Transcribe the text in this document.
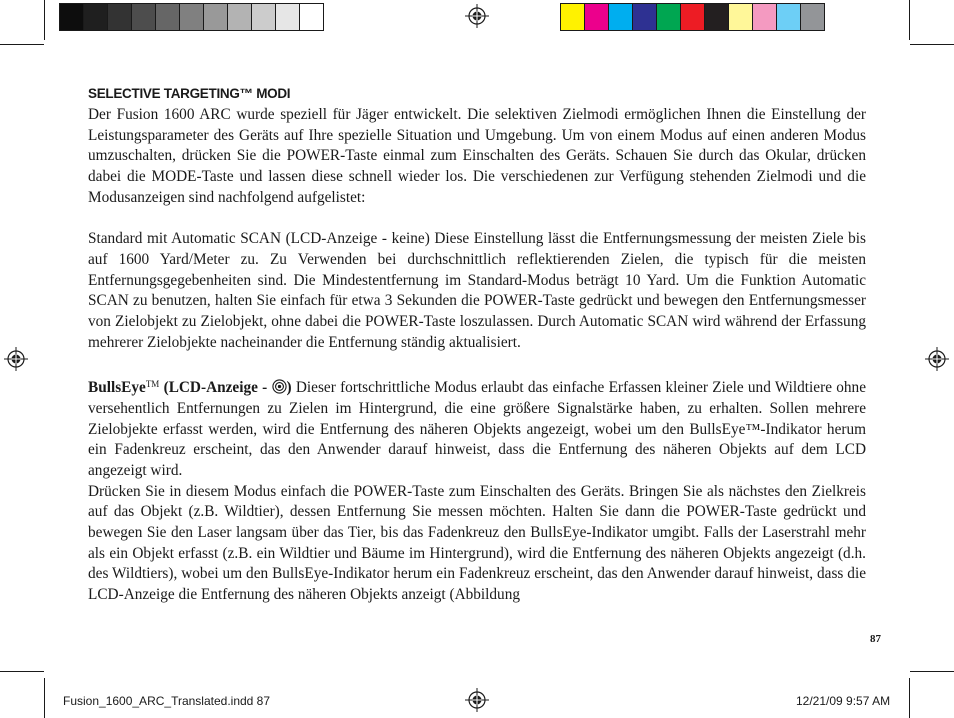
SELECTIVE TARGETING™ MODI

Der Fusion 1600 ARC wurde speziell für Jäger entwickelt. Die selektiven Zielmodi ermöglichen Ihnen die Einstellung der Leistungsparameter des Geräts auf Ihre spezielle Situation und Umgebung. Um von einem Modus auf einen anderen Modus umzuschalten, drücken Sie die POWER-Taste einmal zum Einschalten des Geräts. Schauen Sie durch das Okular, drücken dabei die MODE-Taste und lassen diese schnell wieder los. Die verschiedenen zur Verfügung stehenden Zielmodi und die Modusanzeigen sind nachfolgend aufgelistet:

Standard mit Automatic SCAN (LCD-Anzeige - keine) Diese Einstellung lässt die Entfernungsmessung der meisten Ziele bis auf 1600 Yard/Meter zu. Zu Verwenden bei durchschnittlich reflektierenden Zielen, die typisch für die meisten Entfernungsgegebenheiten sind. Die Mindestentfernung im Standard-Modus beträgt 10 Yard. Um die Funktion Automatic SCAN zu benutzen, halten Sie einfach für etwa 3 Sekunden die POWER-Taste gedrückt und bewegen den Entfernungsmesser von Zielobjekt zu Zielobjekt, ohne dabei die POWER-Taste loszulassen. Durch Automatic SCAN wird während der Erfassung mehrerer Zielobjekte nacheinander die Entfernung ständig aktualisiert.

BullsEye™ (LCD-Anzeige -
) Dieser fortschrittliche Modus erlaubt das einfache Erfassen kleiner Ziele und Wildtiere ohne versehentlich Entfernungen zu Zielen im Hintergrund, die eine größere Signalstärke haben, zu erhalten. Sollen mehrere Zielobjekte erfasst werden, wird die Entfernung des näheren Objekts angezeigt, wobei um den BullsEye™-Indikator herum ein Fadenkreuz erscheint, das den Anwender darauf hinweist, dass die Entfernung des näheren Objekts auf dem LCD angezeigt wird.

Drücken Sie in diesem Modus einfach die POWER-Taste zum Einschalten des Geräts. Bringen Sie als nächstes den Zielkreis auf das Objekt (z.B. Wildtier), dessen Entfernung Sie messen möchten. Halten Sie dann die POWER-Taste gedrückt und bewegen Sie den Laser langsam über das Tier, bis das Fadenkreuz den BullsEye-Indikator umgibt. Falls der Laserstrahl mehr als ein Objekt erfasst (z.B. ein Wildtier und Bäume im Hintergrund), wird die Entfernung des näheren Objekts angezeigt (d.h. des Wildtiers), wobei um den BullsEye-Indikator herum ein Fadenkreuz erscheint, das den Anwender darauf hinweist, dass die LCD-Anzeige die Entfernung des näheren Objekts anzeigt (Abbildung

87
Fusion_1600_ARC_Translated.indd 87	12/21/09 9:57 AM
